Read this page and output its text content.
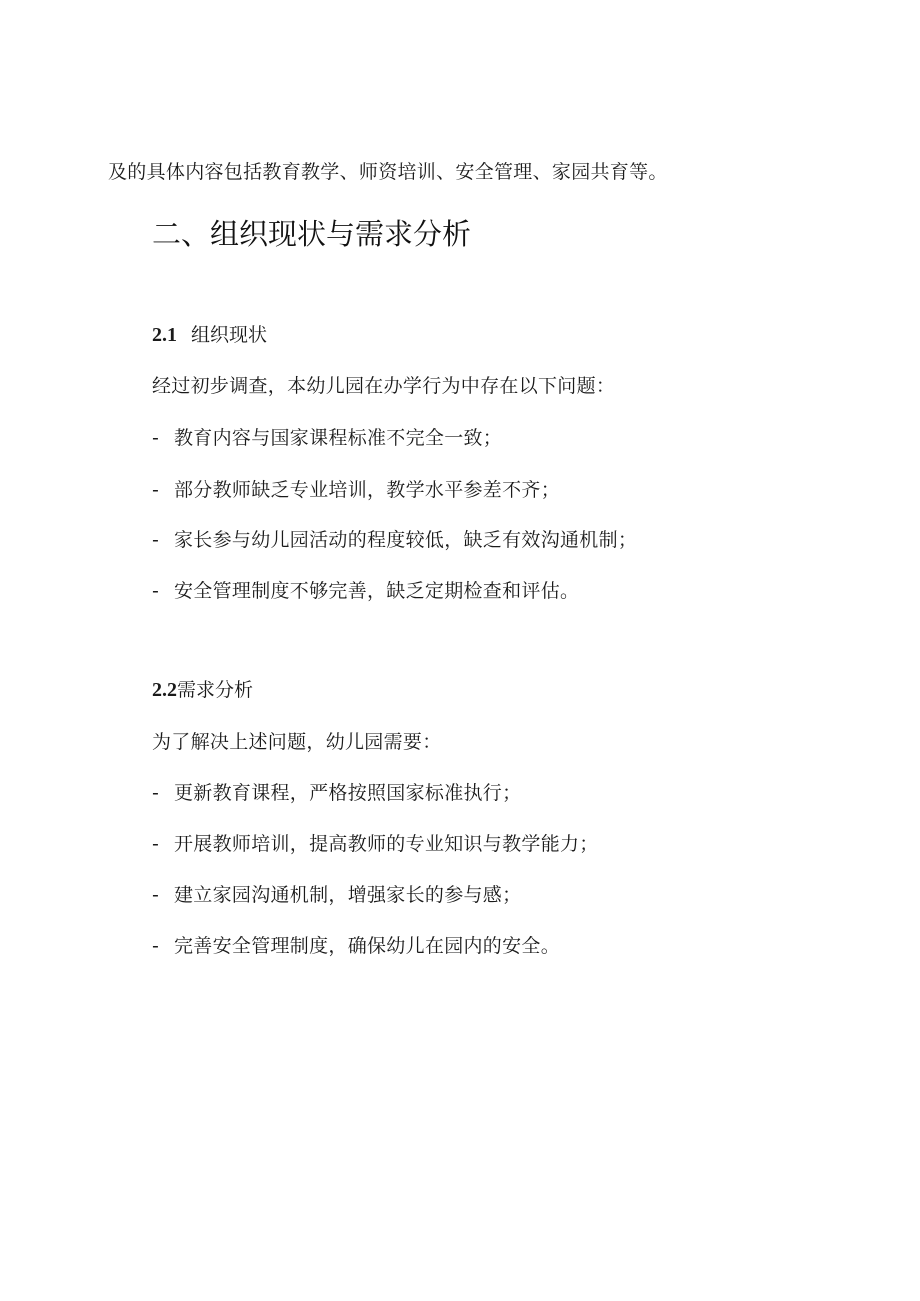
及的具体内容包括教育教学、师资培训、安全管理、家园共育等。
二、组织现状与需求分析
2.1 组织现状
经过初步调查，本幼儿园在办学行为中存在以下问题：
- 教育内容与国家课程标准不完全一致；
- 部分教师缺乏专业培训，教学水平参差不齐；
- 家长参与幼儿园活动的程度较低，缺乏有效沟通机制；
- 安全管理制度不够完善，缺乏定期检查和评估。
2.2需求分析
为了解决上述问题，幼儿园需要：
- 更新教育课程，严格按照国家标准执行；
- 开展教师培训，提高教师的专业知识与教学能力；
- 建立家园沟通机制，增强家长的参与感；
- 完善安全管理制度，确保幼儿在园内的安全。
